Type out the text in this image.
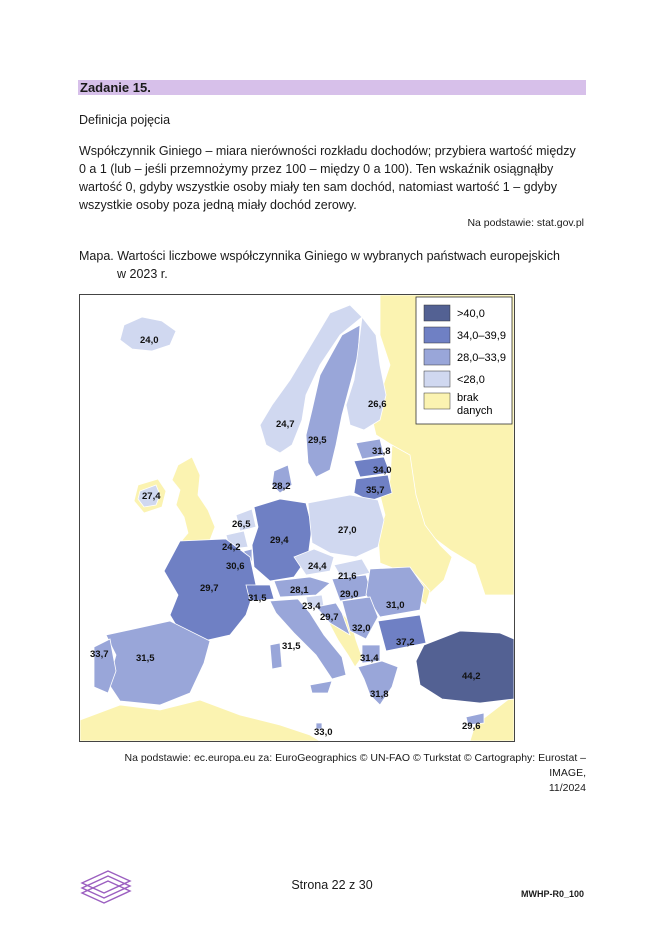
Zadanie 15.
Definicja pojęcia
Współczynnik Giniego – miara nierówności rozkładu dochodów; przybiera wartość między 0 a 1 (lub – jeśli przemnożymy przez 100 – między 0 a 100). Ten wskaźnik osiągnąłby wartość 0, gdyby wszystkie osoby miały ten sam dochód, natomiast wartość 1 – gdyby wszystkie osoby poza jedną miały dochód zerowy.
Na podstawie: stat.gov.pl
Mapa. Wartości liczbowe współczynnika Giniego w wybranych państwach europejskich
w 2023 r.
>40,0
34,0–39,9
28,0–33,9
<28,0
brak
danych
24,0
24,7
29,5
26,6
31,8
34,0
35,7
27,4
28,2
26,5
24,2
30,6
29,4
27,0
24,4
21,6
29,7
31,5
28,1	29,0
23,4
29,7
31,0
32,0
37,2
31,5
31,4
31,8
33,7	31,5
44,2
29,6
33,0
Na podstawie: ec.europa.eu za: EuroGeographics © UN-FAO © Turkstat © Cartography: Eurostat – IMAGE,
11/2024
Strona 22 z 30
MWHP-R0_100
